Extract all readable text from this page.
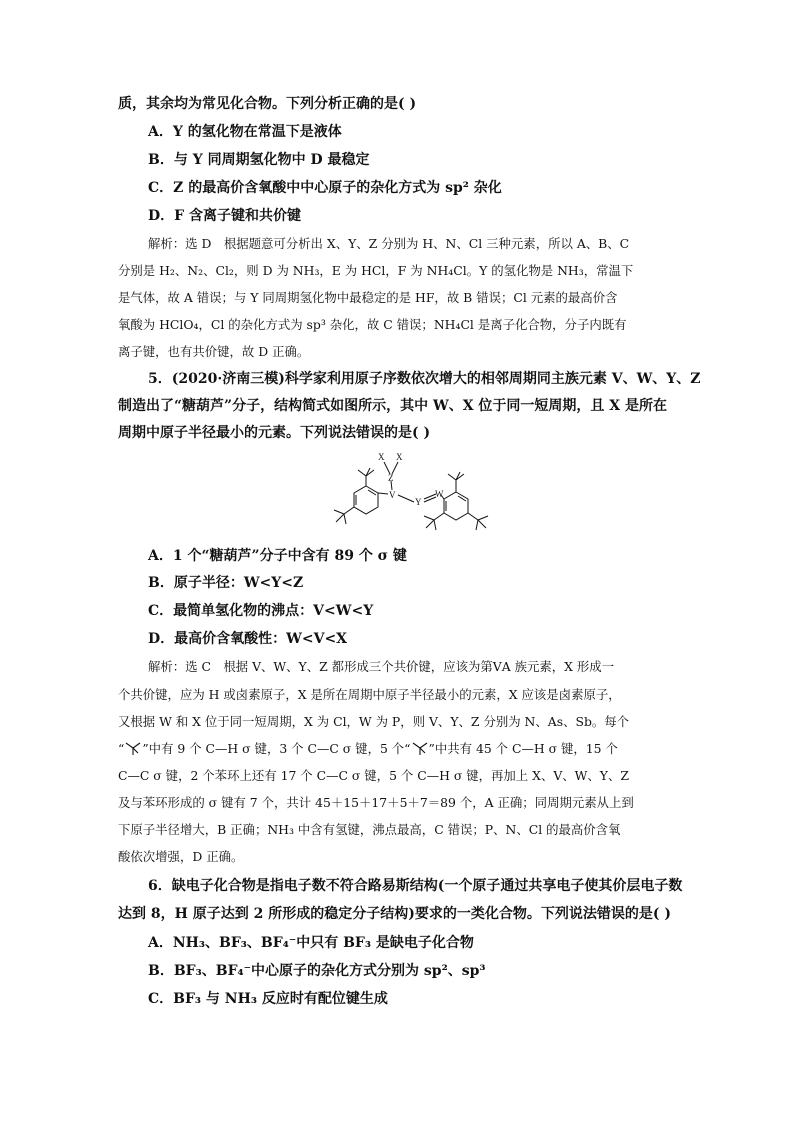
质，其余均为常见化合物。下列分析正确的是( )
A．Y 的氢化物在常温下是液体
B．与 Y 同周期氢化物中 D 最稳定
C．Z 的最高价含氧酸中中心原子的杂化方式为 sp² 杂化
D．F 含离子键和共价键
解析：选 D　根据题意可分析出 X、Y、Z 分别为 H、N、Cl 三种元素，所以 A、B、C
分别是 H₂、N₂、Cl₂，则 D 为 NH₃，E 为 HCl，F 为 NH₄Cl。Y 的氢化物是 NH₃，常温下
是气体，故 A 错误；与 Y 同周期氢化物中最稳定的是 HF，故 B 错误；Cl 元素的最高价含
氧酸为 HClO₄，Cl 的杂化方式为 sp³ 杂化，故 C 错误；NH₄Cl 是离子化合物，分子内既有
离子键，也有共价键，故 D 正确。
5．(2020·济南三模)科学家利用原子序数依次增大的相邻周期同主族元素 V、W、Y、Z
制造出了“糖葫芦”分子，结构简式如图所示，其中 W、X 位于同一短周期，且 X 是所在
周期中原子半径最小的元素。下列说法错误的是( )
X X
Z
V
Y
W
A．1 个“糖葫芦”分子中含有 89 个 σ 键
B．原子半径：W<Y<Z
C．最简单氢化物的沸点：V<W<Y
D．最高价含氧酸性：W<V<X
解析：选 C　根据 V、W、Y、Z 都形成三个共价键，应该为第ⅤA 族元素，X 形成一
个共价键，应为 H 或卤素原子，X 是所在周期中原子半径最小的元素，X 应该是卤素原子，
又根据 W 和 X 位于同一短周期，X 为 Cl，W 为 P，则 V、Y、Z 分别为 N、As、Sb。每个
“ ”中有 9 个 C—H σ 键，3 个 C—C σ 键，5 个“ ”中共有 45 个 C—H σ 键，15 个
C—C σ 键，2 个苯环上还有 17 个 C—C σ 键，5 个 C—H σ 键，再加上 X、V、W、Y、Z
及与苯环形成的 σ 键有 7 个，共计 45＋15＋17＋5＋7＝89 个，A 正确；同周期元素从上到
下原子半径增大，B 正确；NH₃ 中含有氢键，沸点最高，C 错误；P、N、Cl 的最高价含氧
酸依次增强，D 正确。
6．缺电子化合物是指电子数不符合路易斯结构(一个原子通过共享电子使其价层电子数
达到 8，H 原子达到 2 所形成的稳定分子结构)要求的一类化合物。下列说法错误的是( )
A．NH₃、BF₃、BF₄⁻中只有 BF₃ 是缺电子化合物
B．BF₃、BF₄⁻中心原子的杂化方式分别为 sp²、sp³
C．BF₃ 与 NH₃ 反应时有配位键生成
